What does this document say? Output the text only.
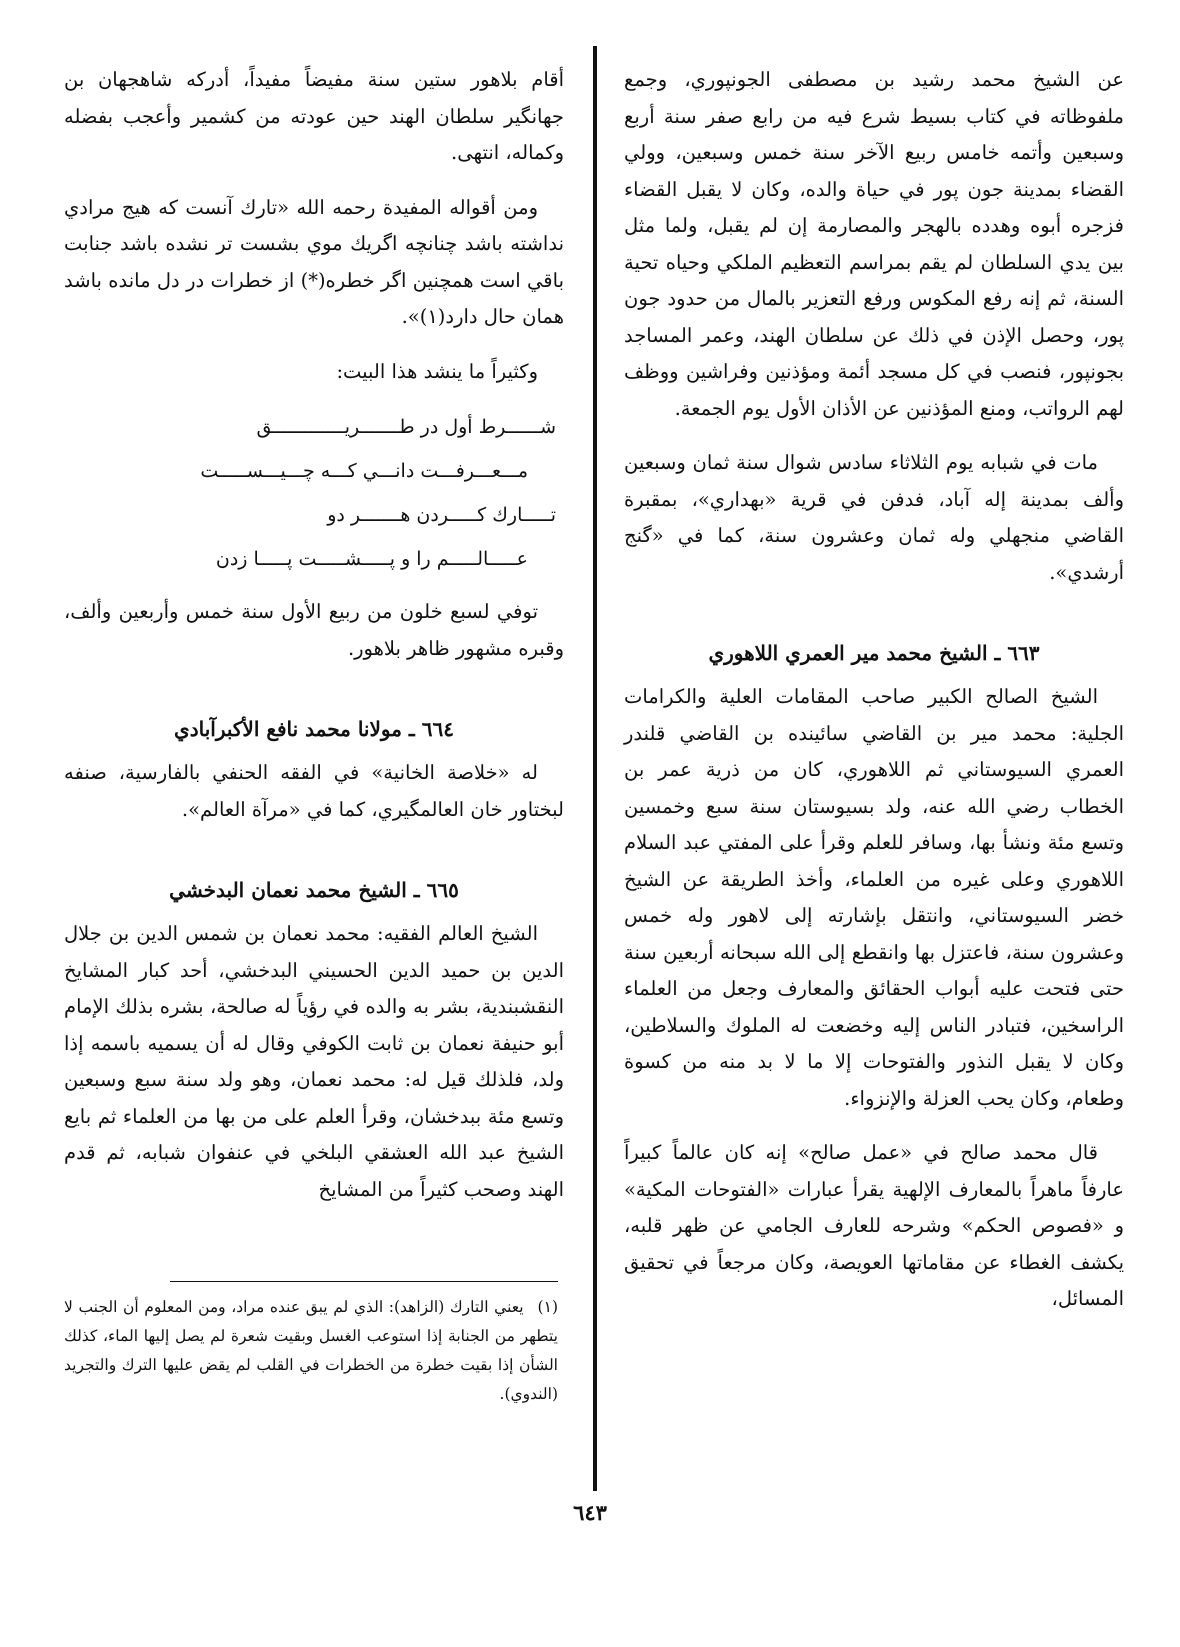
عن الشيخ محمد رشيد بن مصطفى الجونپوري، وجمع ملفوظاته في كتاب بسيط شرع فيه من رابع صفر سنة أربع وسبعين وأتمه خامس ربيع الآخر سنة خمس وسبعين، وولي القضاء بمدينة جون پور في حياة والده، وكان لا يقبل القضاء فزجره أبوه وهدده بالهجر والمصارمة إن لم يقبل، ولما مثل بين يدي السلطان لم يقم بمراسم التعظيم الملكي وحياه تحية السنة، ثم إنه رفع المكوس ورفع التعزير بالمال من حدود جون پور، وحصل الإذن في ذلك عن سلطان الهند، وعمر المساجد بجونپور، فنصب في كل مسجد أئمة ومؤذنين وفراشين ووظف لهم الرواتب، ومنع المؤذنين عن الأذان الأول يوم الجمعة.

مات في شبابه يوم الثلاثاء سادس شوال سنة ثمان وسبعين وألف بمدينة إله آباد، فدفن في قرية «بهداري»، بمقبرة القاضي منجهلي وله ثمان وعشرون سنة، كما في «گنج أرشدي».

٦٦٣ ـ الشيخ محمد مير العمري اللاهوري

الشيخ الصالح الكبير صاحب المقامات العلية والكرامات الجلية: محمد مير بن القاضي سائينده بن القاضي قلندر العمري السيوستاني ثم اللاهوري، كان من ذرية عمر بن الخطاب رضي الله عنه، ولد بسيوستان سنة سبع وخمسين وتسع مئة ونشأ بها، وسافر للعلم وقرأ على المفتي عبد السلام اللاهوري وعلى غيره من العلماء، وأخذ الطريقة عن الشيخ خضر السيوستاني، وانتقل بإشارته إلى لاهور وله خمس وعشرون سنة، فاعتزل بها وانقطع إلى الله سبحانه أربعين سنة حتى فتحت عليه أبواب الحقائق والمعارف وجعل من العلماء الراسخين، فتبادر الناس إليه وخضعت له الملوك والسلاطين، وكان لا يقبل النذور والفتوحات إلا ما لا بد منه من كسوة وطعام، وكان يحب العزلة والإنزواء.

قال محمد صالح في «عمل صالح» إنه كان عالماً كبيراً عارفاً ماهراً بالمعارف الإلهية يقرأ عبارات «الفتوحات المكية» و «فصوص الحكم» وشرحه للعارف الجامي عن ظهر قلبه، يكشف الغطاء عن مقاماتها العويصة، وكان مرجعاً في تحقيق المسائل،

أقام بلاهور ستين سنة مفيضاً مفيداً، أدركه شاهجهان بن جهانگير سلطان الهند حين عودته من كشمير وأعجب بفضله وكماله، انتهى.

ومن أقواله المفيدة رحمه الله «تارك آنست كه هيج مرادي نداشته باشد چنانچه اگريك موي بشست تر نشده باشد جنابت باقي است همچنين اگر خطره(*) از خطرات در دل مانده باشد همان حال دارد(١)».

وكثيراً ما ينشد هذا البيت:

شــــــرط أول در طـــــــريـــــــــــــق
مـــعـــرفـــت دانـــي كـــه چـــيـــســـــت
تـــــارك كـــــردن هـــــــر دو
عـــــالـــــم را و پـــــشـــــت پـــــا زدن

توفي لسبع خلون من ربيع الأول سنة خمس وأربعين وألف، وقبره مشهور ظاهر بلاهور.

٦٦٤ ـ مولانا محمد نافع الأكبرآبادي

له «خلاصة الخانية» في الفقه الحنفي بالفارسية، صنفه لبختاور خان العالمگيري، كما في «مرآة العالم».

٦٦٥ ـ الشيخ محمد نعمان البدخشي

الشيخ العالم الفقيه: محمد نعمان بن شمس الدين بن جلال الدين بن حميد الدين الحسيني البدخشي، أحد كبار المشايخ النقشبندية، بشر به والده في رؤياً له صالحة، بشره بذلك الإمام أبو حنيفة نعمان بن ثابت الكوفي وقال له أن يسميه باسمه إذا ولد، فلذلك قيل له: محمد نعمان، وهو ولد سنة سبع وسبعين وتسع مئة ببدخشان، وقرأ العلم على من بها من العلماء ثم بايع الشيخ عبد الله العشقي البلخي في عنفوان شبابه، ثم قدم الهند وصحب كثيراً من المشايخ

(١)يعني التارك (الزاهد): الذي لم يبق عنده مراد، ومن المعلوم أن الجنب لا يتطهر من الجنابة إذا استوعب الغسل وبقيت شعرة لم يصل إليها الماء، كذلك الشأن إذا بقيت خطرة من الخطرات في القلب لم يقض عليها الترك والتجريد (الندوي).
٦٤٣
